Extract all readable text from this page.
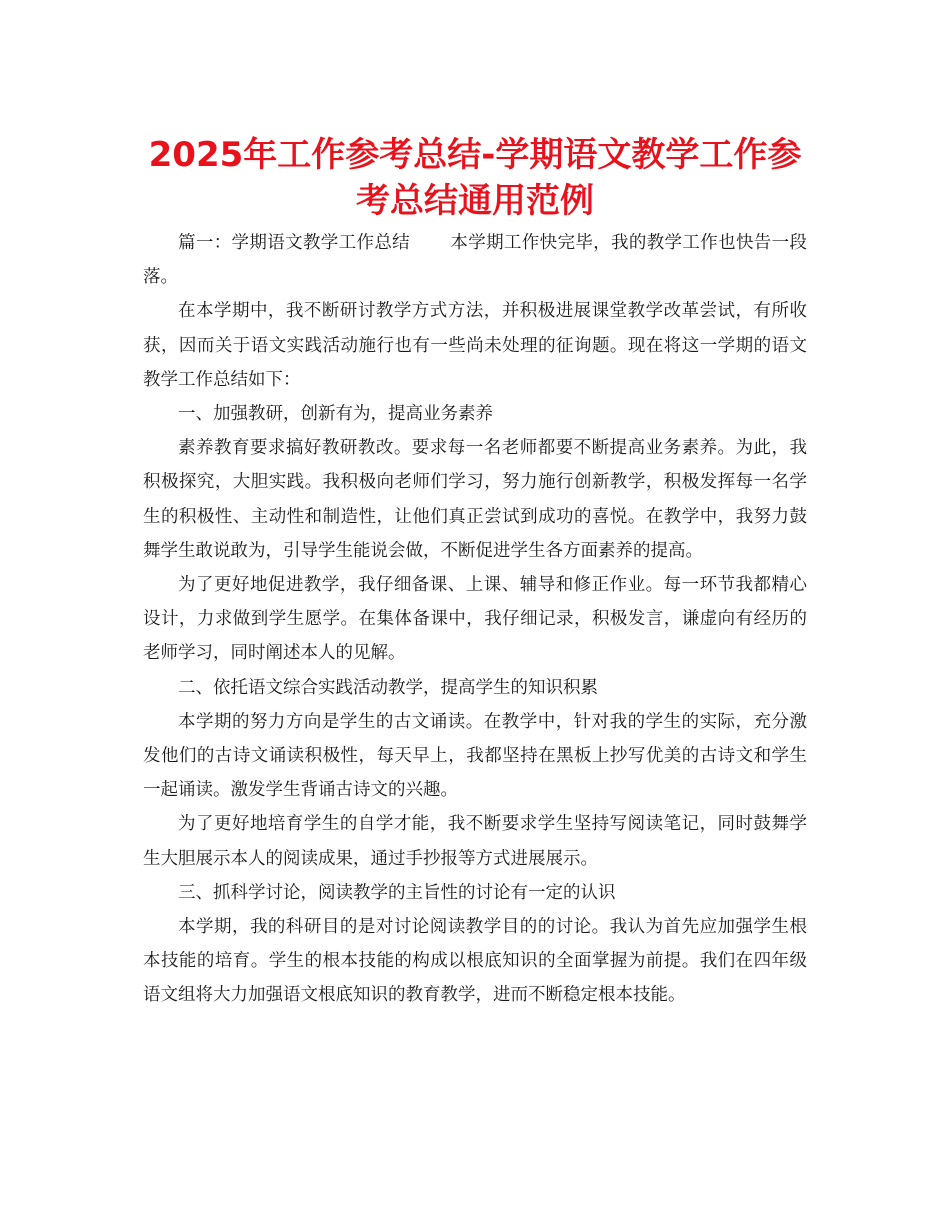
2025年工作参考总结-学期语文教学工作参考总结通用范例

篇一：学期语文教学工作总结 本学期工作快完毕，我的教学工作也快告一段落。

在本学期中，我不断研讨教学方式方法，并积极进展课堂教学改革尝试，有所收获，因而关于语文实践活动施行也有一些尚未处理的征询题。现在将这一学期的语文教学工作总结如下：

一、加强教研，创新有为，提高业务素养

素养教育要求搞好教研教改。要求每一名老师都要不断提高业务素养。为此，我积极探究，大胆实践。我积极向老师们学习，努力施行创新教学，积极发挥每一名学生的积极性、主动性和制造性，让他们真正尝试到成功的喜悦。在教学中，我努力鼓舞学生敢说敢为，引导学生能说会做，不断促进学生各方面素养的提高。

为了更好地促进教学，我仔细备课、上课、辅导和修正作业。每一环节我都精心设计，力求做到学生愿学。在集体备课中，我仔细记录，积极发言，谦虚向有经历的老师学习，同时阐述本人的见解。

二、依托语文综合实践活动教学，提高学生的知识积累

本学期的努力方向是学生的古文诵读。在教学中，针对我的学生的实际，充分激发他们的古诗文诵读积极性，每天早上，我都坚持在黑板上抄写优美的古诗文和学生一起诵读。激发学生背诵古诗文的兴趣。

为了更好地培育学生的自学才能，我不断要求学生坚持写阅读笔记，同时鼓舞学生大胆展示本人的阅读成果，通过手抄报等方式进展展示。

三、抓科学讨论，阅读教学的主旨性的讨论有一定的认识

本学期，我的科研目的是对讨论阅读教学目的的讨论。我认为首先应加强学生根本技能的培育。学生的根本技能的构成以根底知识的全面掌握为前提。我们在四年级语文组将大力加强语文根底知识的教育教学，进而不断稳定根本技能。
